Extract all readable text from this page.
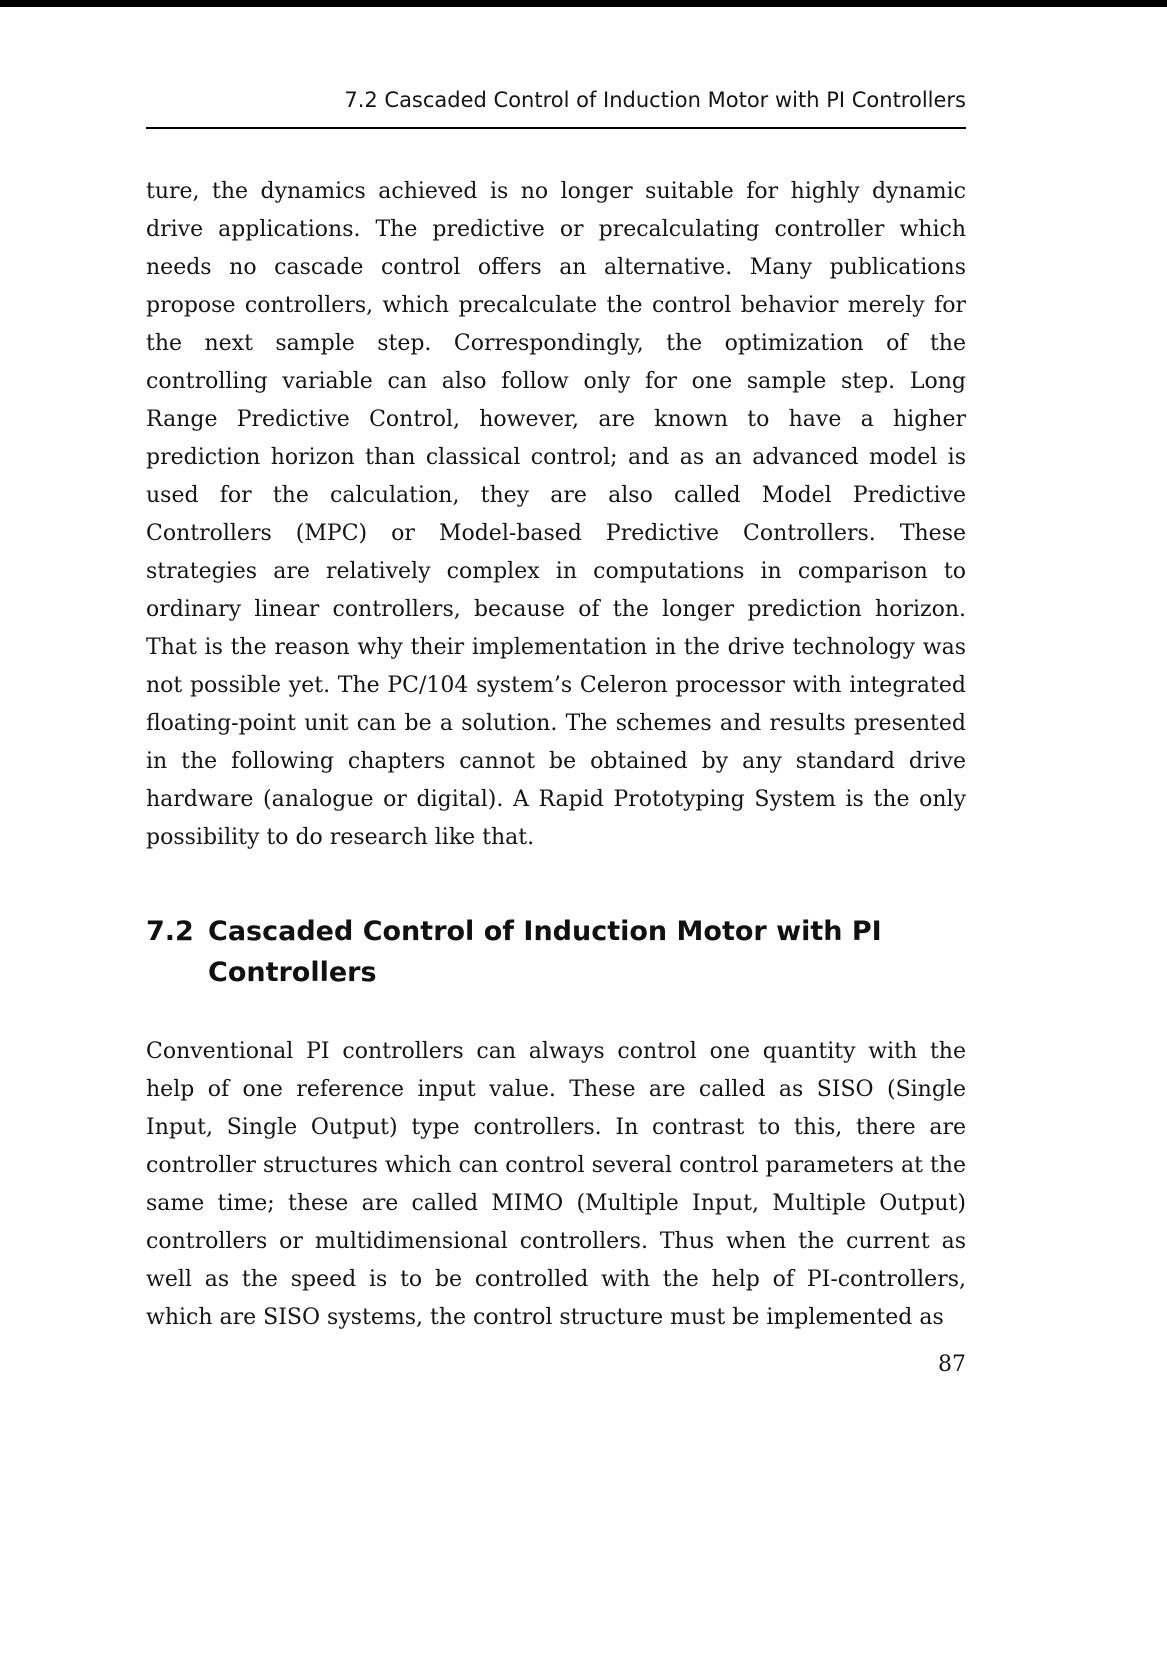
7.2 Cascaded Control of Induction Motor with PI Controllers

ture, the dynamics achieved is no longer suitable for highly dynamic drive applications. The predictive or precalculating controller which needs no cascade control offers an alternative. Many publications propose controllers, which precalculate the control behavior merely for the next sample step. Correspondingly, the optimization of the controlling variable can also follow only for one sample step. Long Range Predictive Control, however, are known to have a higher prediction horizon than classical control; and as an advanced model is used for the calculation, they are also called Model Predictive Controllers (MPC) or Model-based Predictive Controllers. These strategies are relatively complex in computations in comparison to ordinary linear controllers, because of the longer prediction horizon. That is the reason why their implementation in the drive technology was not possible yet. The PC/104 system’s Celeron processor with integrated floating-point unit can be a solution. The schemes and results presented in the following chapters cannot be obtained by any standard drive hardware (analogue or digital). A Rapid Prototyping System is the only possibility to do research like that.

7.2 Cascaded Control of Induction Motor with PI Controllers

Conventional PI controllers can always control one quantity with the help of one reference input value. These are called as SISO (Single Input, Single Output) type controllers. In contrast to this, there are controller structures which can control several control parameters at the same time; these are called MIMO (Multiple Input, Multiple Output) controllers or multidimensional controllers. Thus when the current as well as the speed is to be controlled with the help of PI-controllers, which are SISO systems, the control structure must be implemented as

87
